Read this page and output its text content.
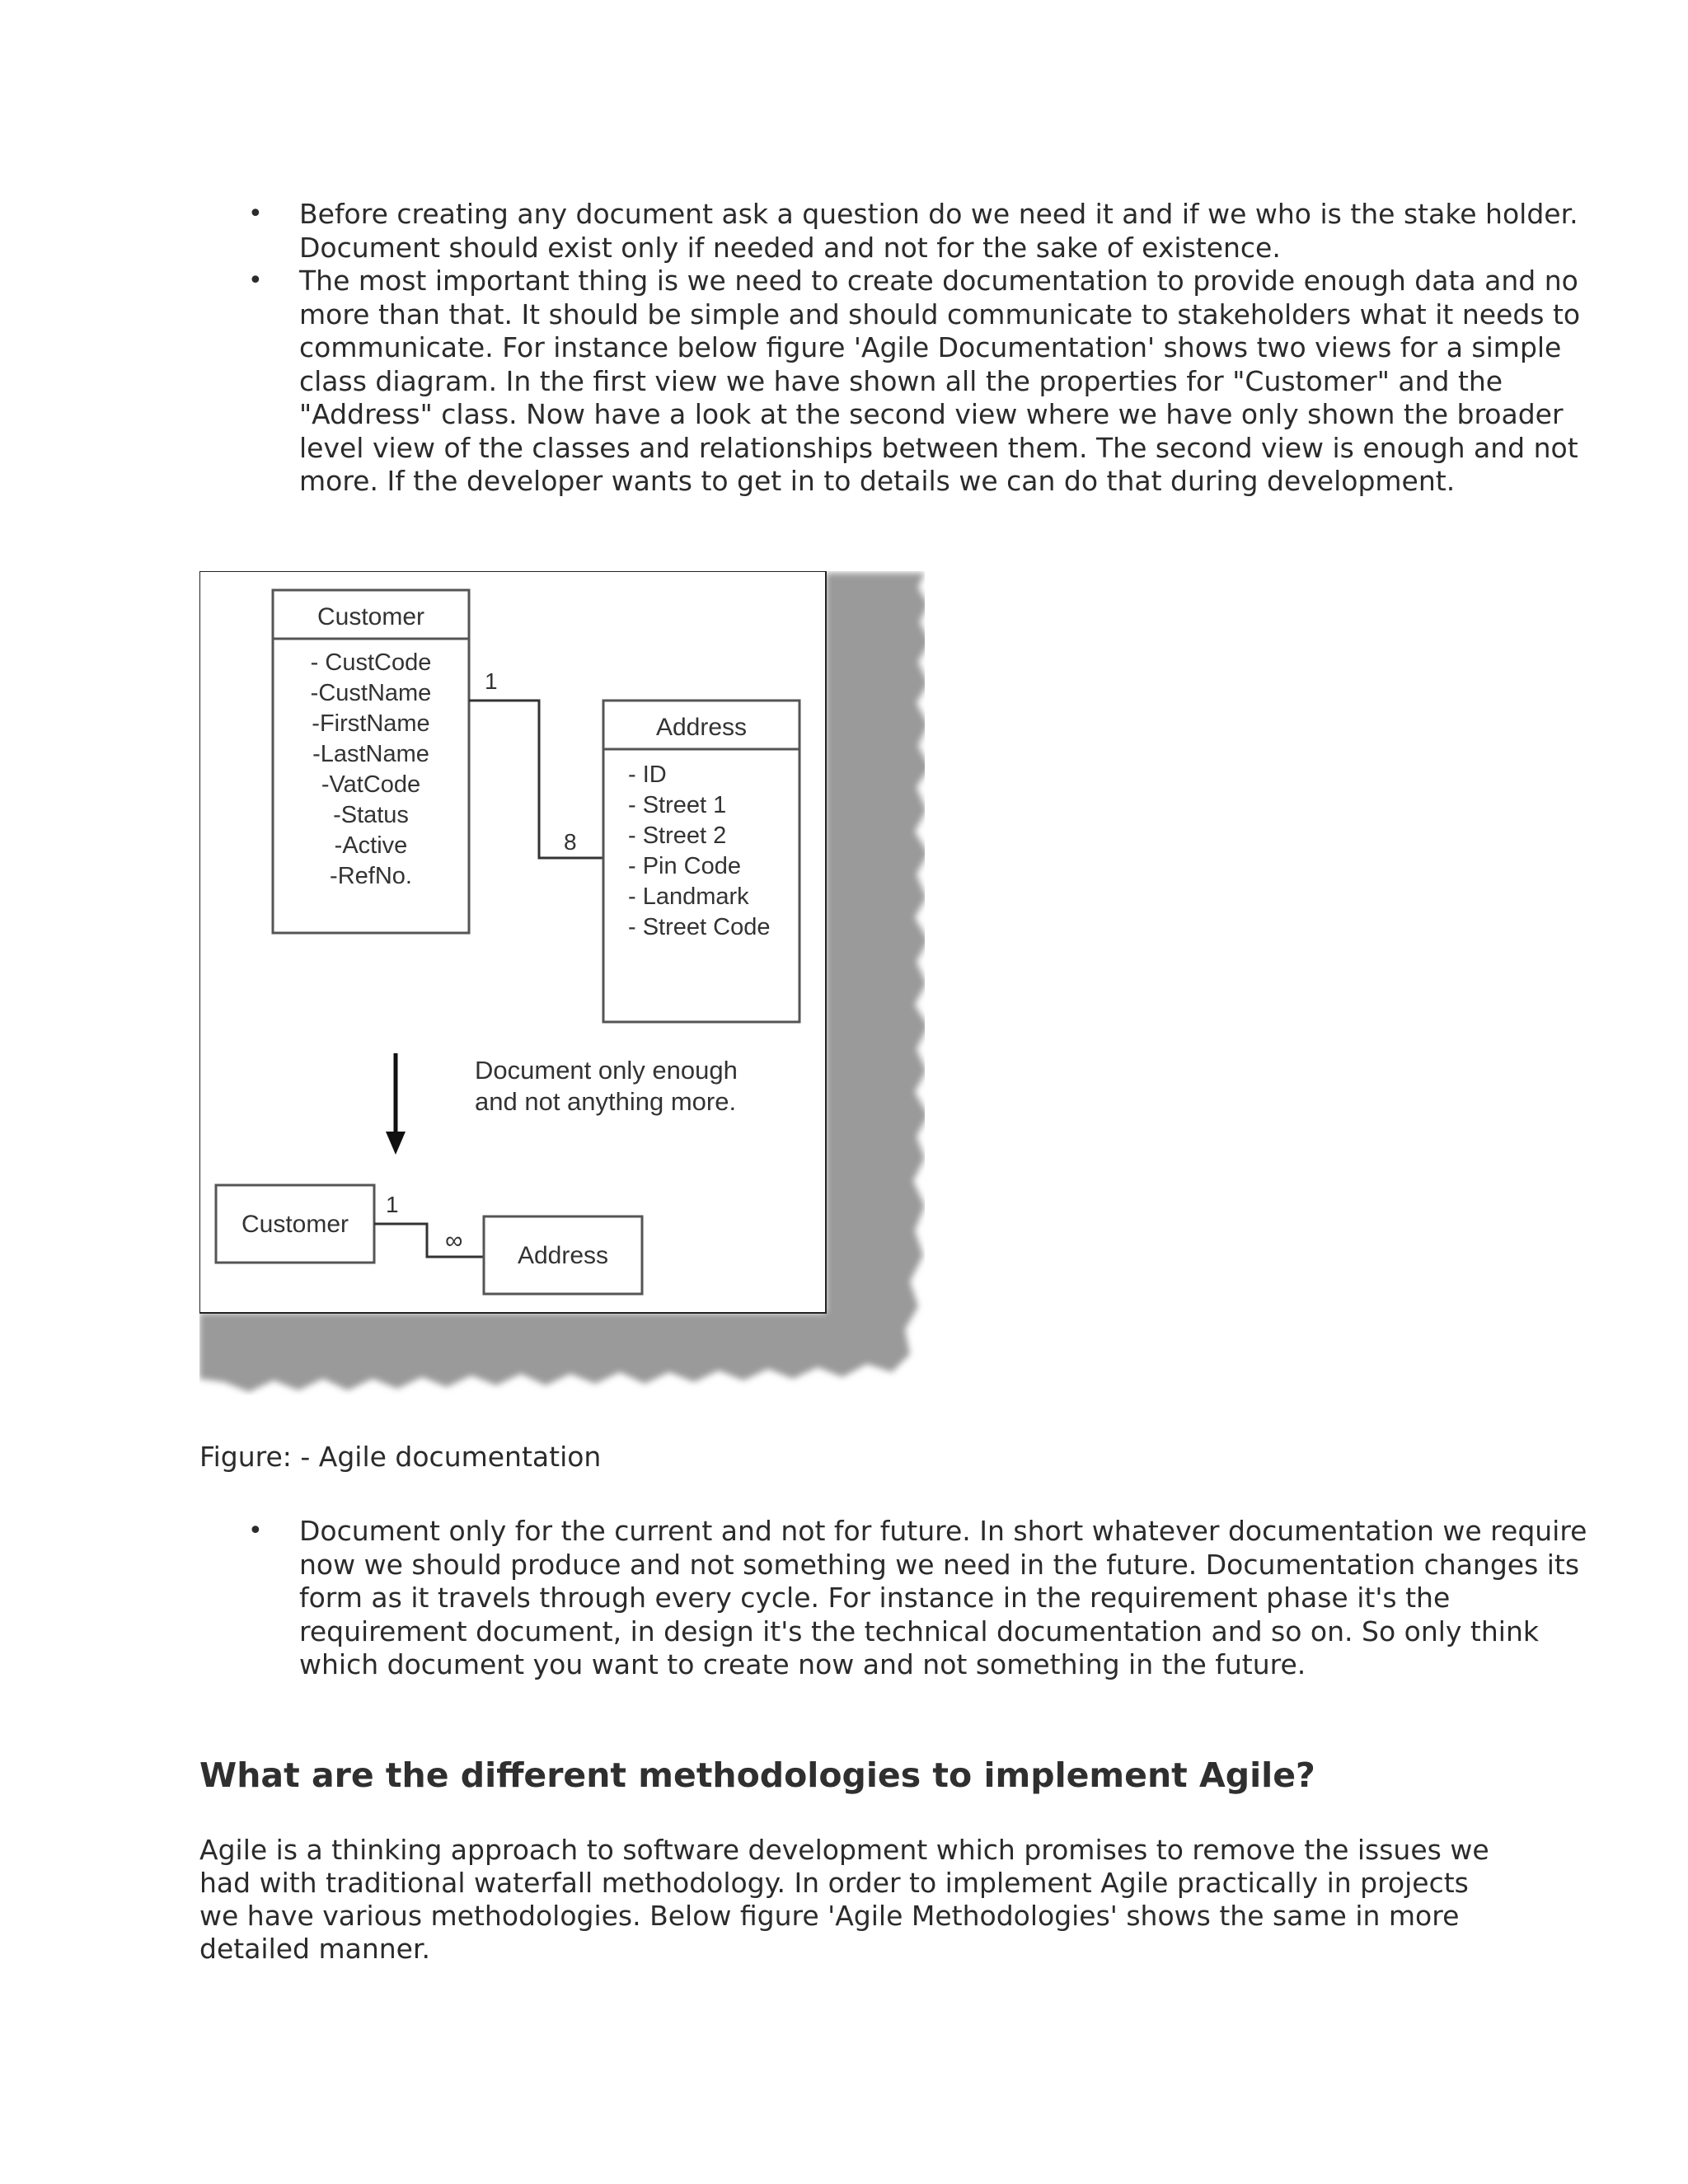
• Before creating any document ask a question do we need it and if we who is the stake holder. Document should exist only if needed and not for the sake of existence.
• The most important thing is we need to create documentation to provide enough data and no more than that. It should be simple and should communicate to stakeholders what it needs to communicate. For instance below figure 'Agile Documentation' shows two views for a simple class diagram. In the first view we have shown all the properties for "Customer" and the "Address" class. Now have a look at the second view where we have only shown the broader level view of the classes and relationships between them. The second view is enough and not more. If the developer wants to get in to details we can do that during development.
Customer
- CustCode
-CustName
-FirstName
-LastName
-VatCode
-Status
-Active
-RefNo.
1
8
Address
- ID
- Street 1
- Street 2
- Pin Code
- Landmark
- Street Code
Document only enough
and not anything more.
Customer
1
∞
Address

Figure: - Agile documentation

• Document only for the current and not for future. In short whatever documentation we require now we should produce and not something we need in the future. Documentation changes its form as it travels through every cycle. For instance in the requirement phase it's the requirement document, in design it's the technical documentation and so on. So only think which document you want to create now and not something in the future.
What are the different methodologies to implement Agile?

Agile is a thinking approach to software development which promises to remove the issues we had with traditional waterfall methodology. In order to implement Agile practically in projects we have various methodologies. Below figure 'Agile Methodologies' shows the same in more detailed manner.
